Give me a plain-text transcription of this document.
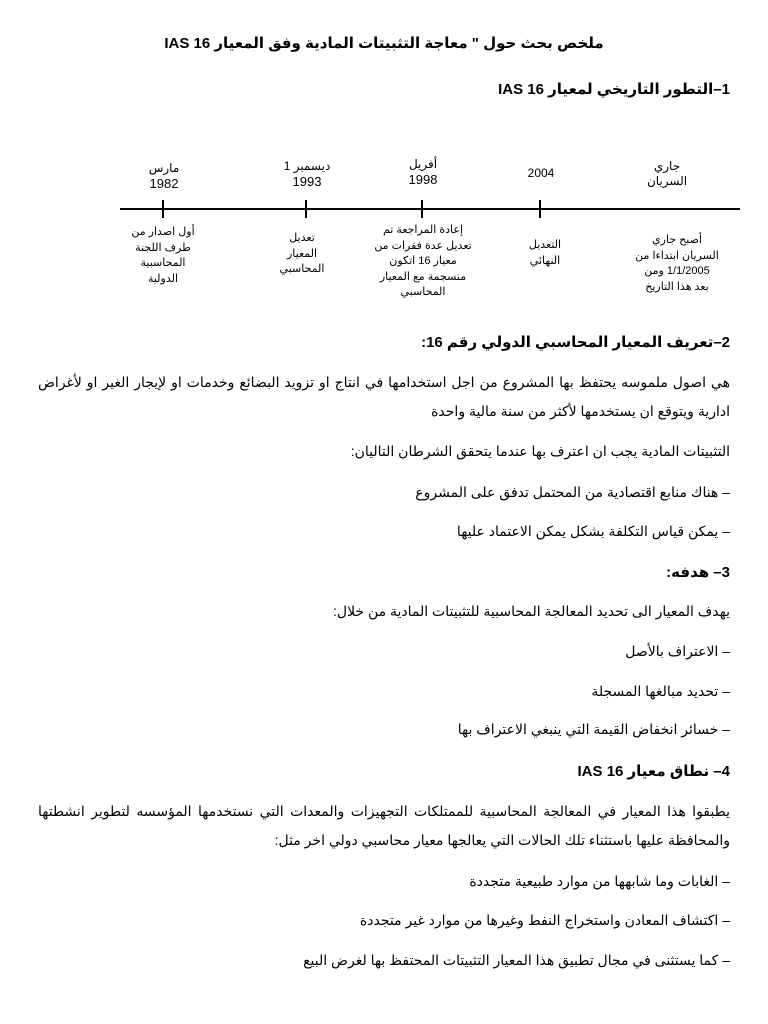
ملخص بحث حول " معاجة التثبيتات المادية وفق المعيار IAS 16
1–التطور التاريخي لمعيار IAS 16
مارس
1982
أول اصدار من
طرف اللجنة
المحاسبية
الدولية
ديسمبر 1
1993
تعديل
المعيار
المحاسبي
أفريل
1998
إعادة المراجعة تم
تعديل عدة فقرات من
معيار 16 اتكون
منسجمة مع المعيار
المحاسبي
2004
التعديل
النهائي
جاري
السريان
أصبح جاري
السريان ابتداءا من
1/1/2005 ومن
بعد هذا التاريخ
2–تعريف المعيار المحاسبي الدولي رقم 16:
هي اصول ملموسه يحتفظ بها المشروع من اجل استخدامها في انتاج او تزويد البضائع وخدمات او لإيجار الغير او لأغراض ادارية ويتوقع ان يستخدمها لأكثر من سنة مالية واحدة
التثبيتات المادية يجب ان اعترف بها عندما يتحقق الشرطان التاليان:
– هناك منابع اقتصادية من المحتمل تدفق على المشروع
– يمكن قياس التكلفة بشكل يمكن الاعتماد عليها
3– هدفه:
يهدف المعيار الى تحديد المعالجة المحاسبية للتثبيتات المادية من خلال:
– الاعتراف بالأصل
– تحديد مبالغها المسجلة
– خسائر انخفاض القيمة التي ينبغي الاعتراف بها
4– نطاق معيار IAS 16
يطبقوا هذا المعيار في المعالجة المحاسبية للممتلكات التجهيزات والمعدات التي نستخدمها المؤسسه لتطوير انشطتها والمحافظة عليها باستثناء تلك الحالات التي يعالجها معيار محاسبي دولي اخر مثل:
– الغابات وما شابهها من موارد طبيعية متجددة
– اكتشاف المعادن واستخراج النفط وغيرها من موارد غير متجددة
– كما يستثنى في مجال تطبيق هذا المعيار التثبيتات المحتفظ بها لغرض البيع
